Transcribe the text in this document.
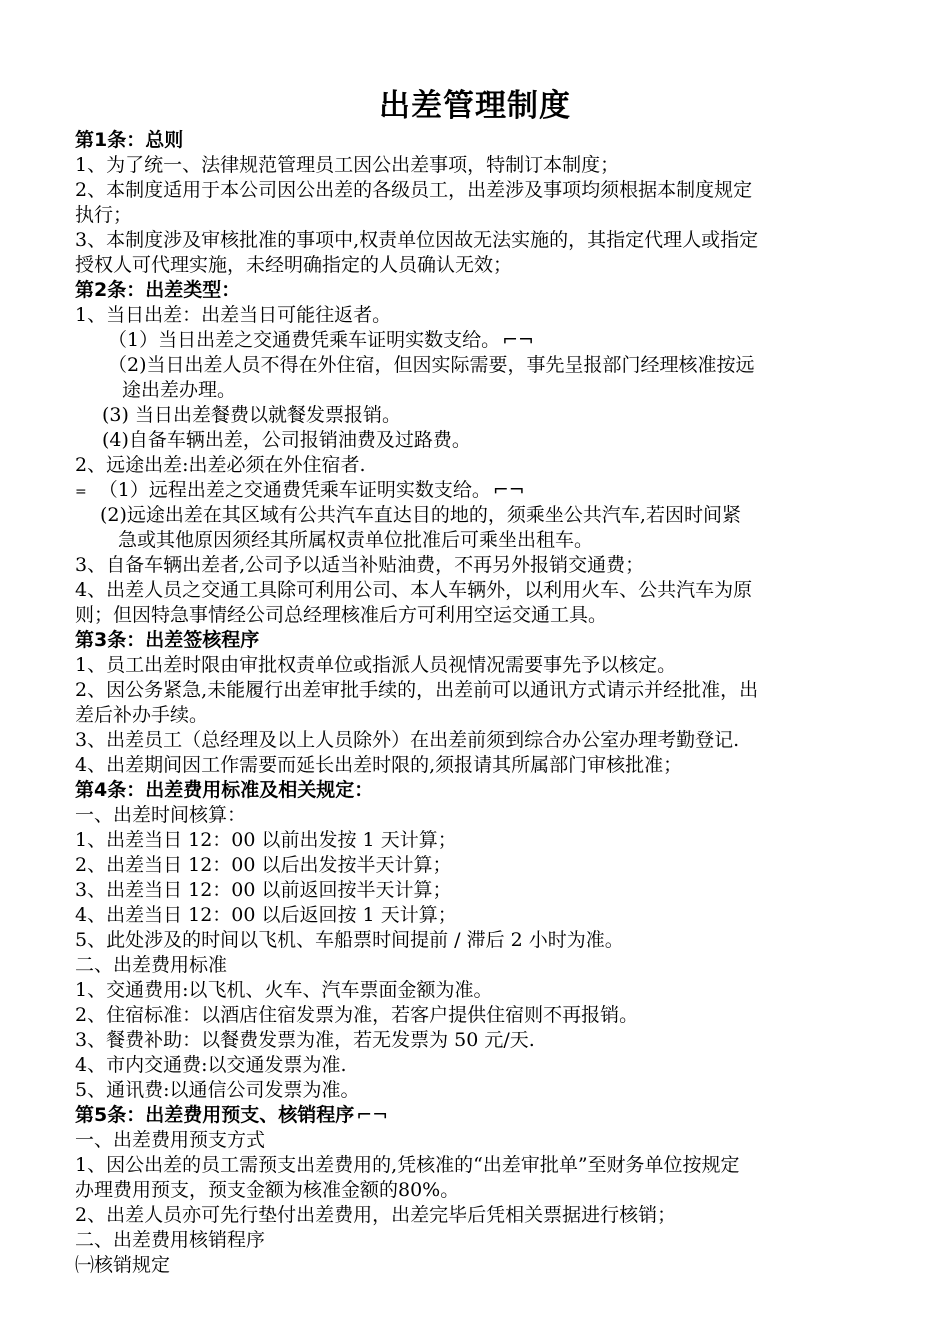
出差管理制度
第1条：总则
1、为了统一、法律规范管理员工因公出差事项，特制订本制度；
2、本制度适用于本公司因公出差的各级员工，出差涉及事项均须根据本制度规定
执行；
3、本制度涉及审核批准的事项中,权责单位因故无法实施的，其指定代理人或指定
授权人可代理实施，未经明确指定的人员确认无效；
第2条：出差类型：
1、当日出差：出差当日可能往返者。
（1）当日出差之交通费凭乘车证明实数支给。 ⌐¬
（2)当日出差人员不得在外住宿，但因实际需要，事先呈报部门经理核准按远
途出差办理。
(3) 当日出差餐费以就餐发票报销。
(4)自备车辆出差，公司报销油费及过路费。
2、远途出差:出差必须在外住宿者.
= （1）远程出差之交通费凭乘车证明实数支给。 ⌐¬
(2)远途出差在其区域有公共汽车直达目的地的，须乘坐公共汽车,若因时间紧
急或其他原因须经其所属权责单位批准后可乘坐出租车。
3、自备车辆出差者,公司予以适当补贴油费，不再另外报销交通费；
4、出差人员之交通工具除可利用公司、本人车辆外，以利用火车、公共汽车为原
则；但因特急事情经公司总经理核准后方可利用空运交通工具。
第3条：出差签核程序
1、员工出差时限由审批权责单位或指派人员视情况需要事先予以核定。
2、因公务紧急,未能履行出差审批手续的，出差前可以通讯方式请示并经批准，出
差后补办手续。
3、出差员工（总经理及以上人员除外）在出差前须到综合办公室办理考勤登记.
4、出差期间因工作需要而延长出差时限的,须报请其所属部门审核批准；
第4条：出差费用标准及相关规定：
一、出差时间核算：
1、出差当日 12：00 以前出发按 1 天计算；
2、出差当日 12：00 以后出发按半天计算；
3、出差当日 12：00 以前返回按半天计算；
4、出差当日 12：00 以后返回按 1 天计算；
5、此处涉及的时间以飞机、车船票时间提前 / 滞后 2 小时为准。
二、出差费用标准
1、交通费用:以飞机、火车、汽车票面金额为准。
2、住宿标准：以酒店住宿发票为准，若客户提供住宿则不再报销。
3、餐费补助：以餐费发票为准，若无发票为 50 元/天.
4、市内交通费:以交通发票为准.
5、通讯费:以通信公司发票为准。
第5条：出差费用预支、核销程序 ⌐¬
一、出差费用预支方式
1、因公出差的员工需预支出差费用的,凭核准的“出差审批单”至财务单位按规定
办理费用预支，预支金额为核准金额的80%。
2、出差人员亦可先行垫付出差费用，出差完毕后凭相关票据进行核销；
二、出差费用核销程序
㈠核销规定
